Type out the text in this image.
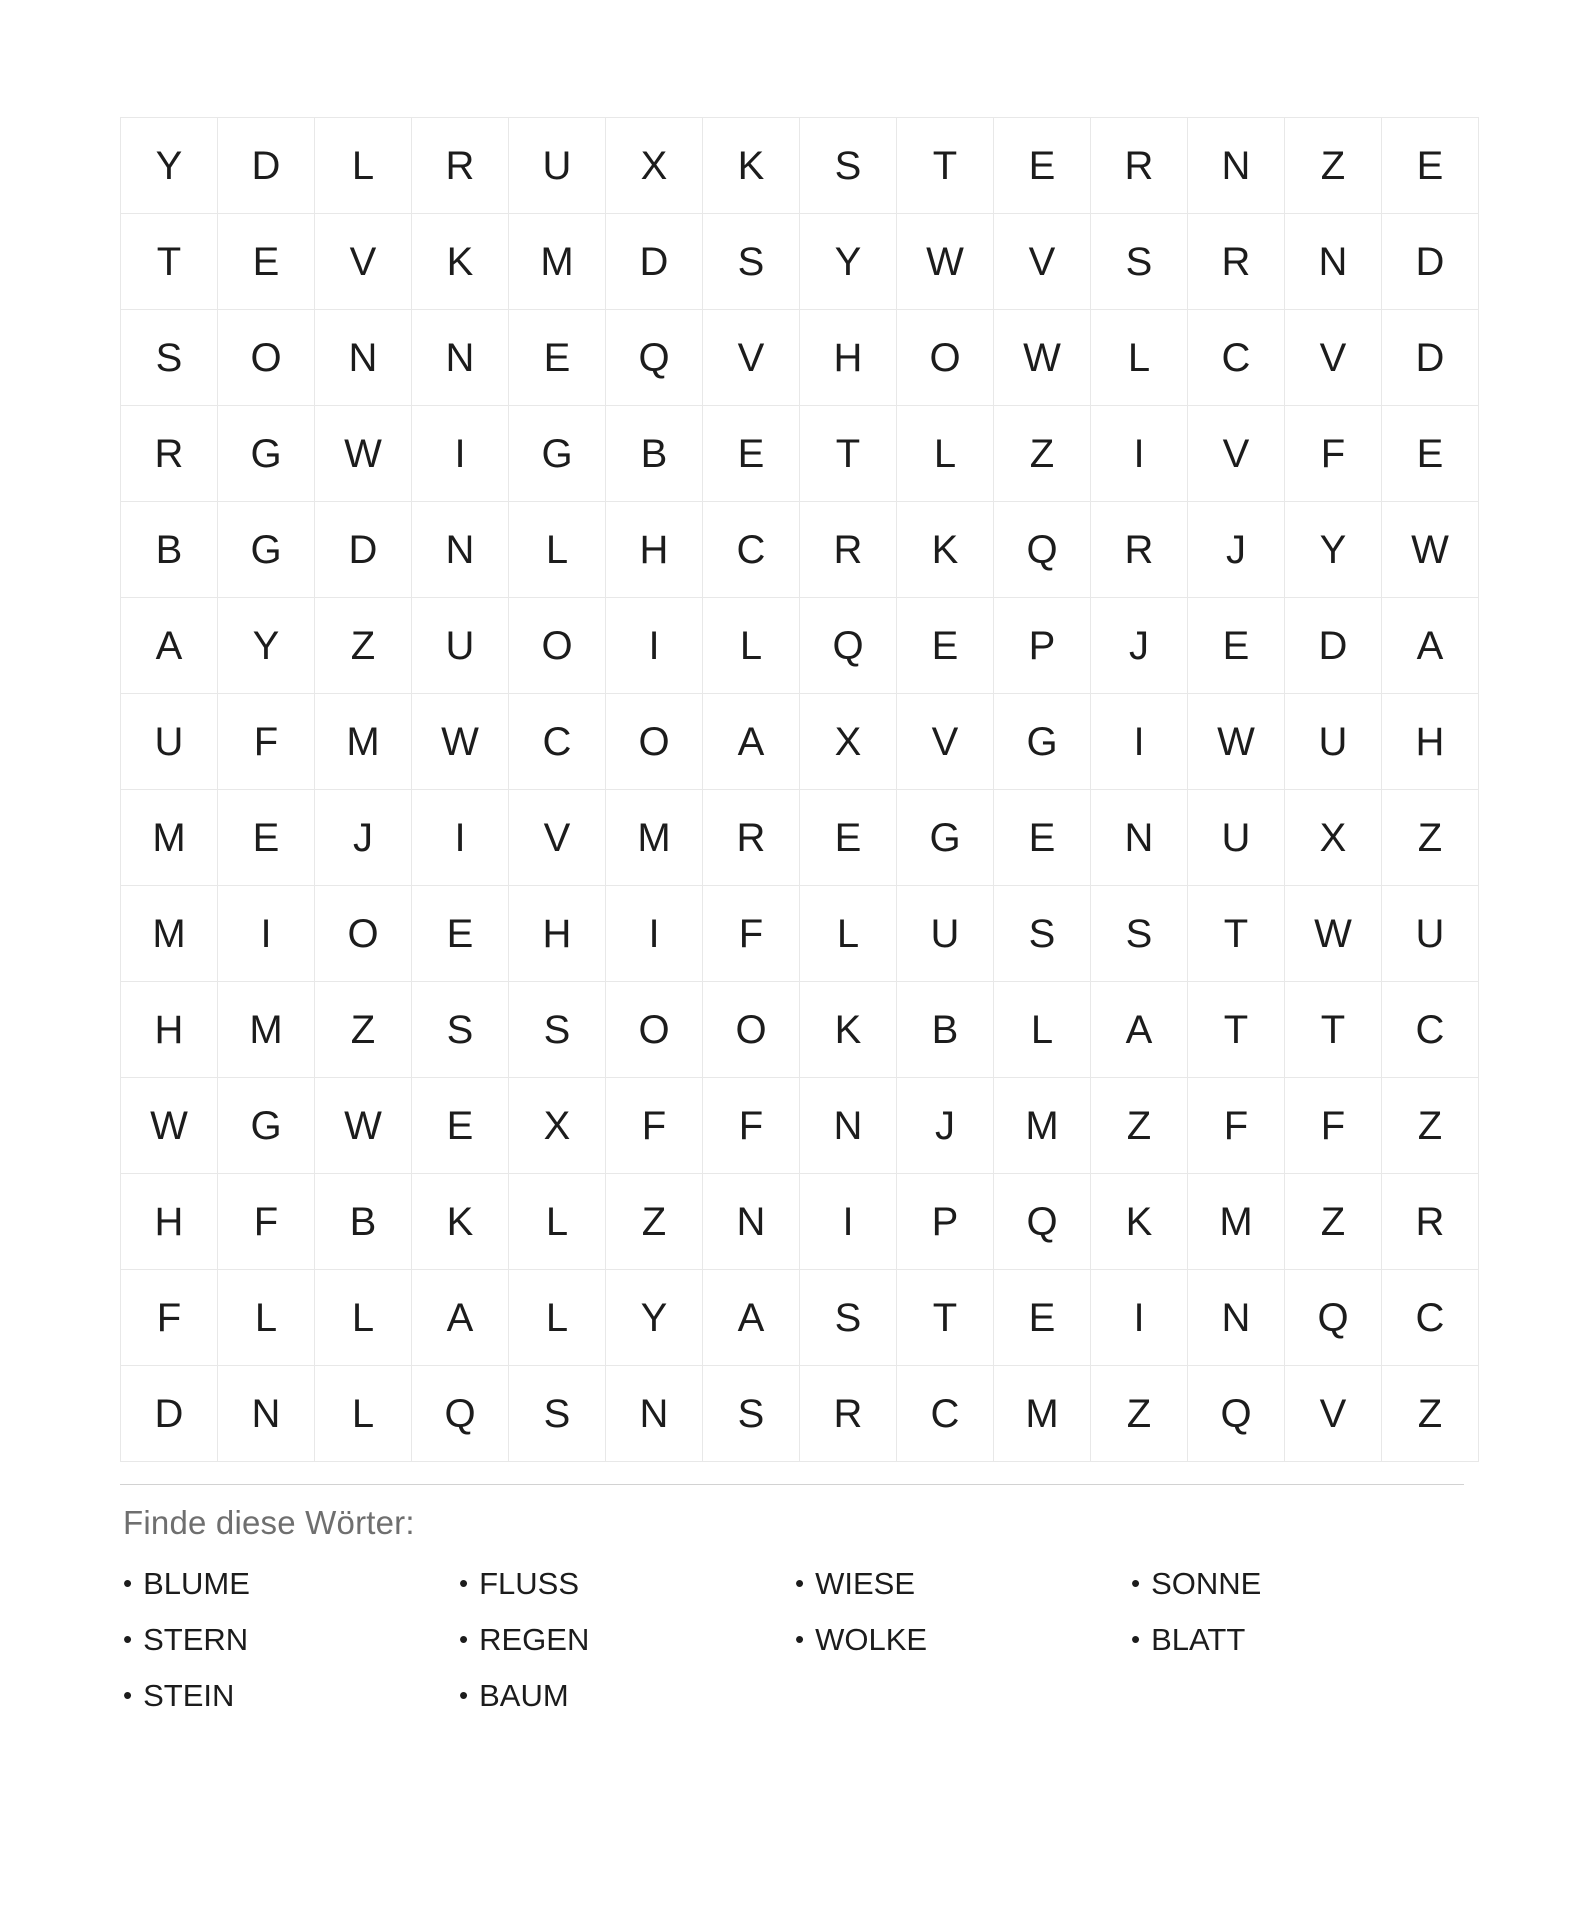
Y	D	L	R	U	X	K	S	T	E	R	N	Z	E
T	E	V	K	M	D	S	Y	W	V	S	R	N	D
S	O	N	N	E	Q	V	H	O	W	L	C	V	D
R	G	W	I	G	B	E	T	L	Z	I	V	F	E
B	G	D	N	L	H	C	R	K	Q	R	J	Y	W
A	Y	Z	U	O	I	L	Q	E	P	J	E	D	A
U	F	M	W	C	O	A	X	V	G	I	W	U	H
M	E	J	I	V	M	R	E	G	E	N	U	X	Z
M	I	O	E	H	I	F	L	U	S	S	T	W	U
H	M	Z	S	S	O	O	K	B	L	A	T	T	C
W	G	W	E	X	F	F	N	J	M	Z	F	F	Z
H	F	B	K	L	Z	N	I	P	Q	K	M	Z	R
F	L	L	A	L	Y	A	S	T	E	I	N	Q	C
D	N	L	Q	S	N	S	R	C	M	Z	Q	V	Z
Finde diese Wörter:
• BLUME
• STERN
• STEIN
• FLUSS
• REGEN
• BAUM
• WIESE
• WOLKE
• SONNE
• BLATT
